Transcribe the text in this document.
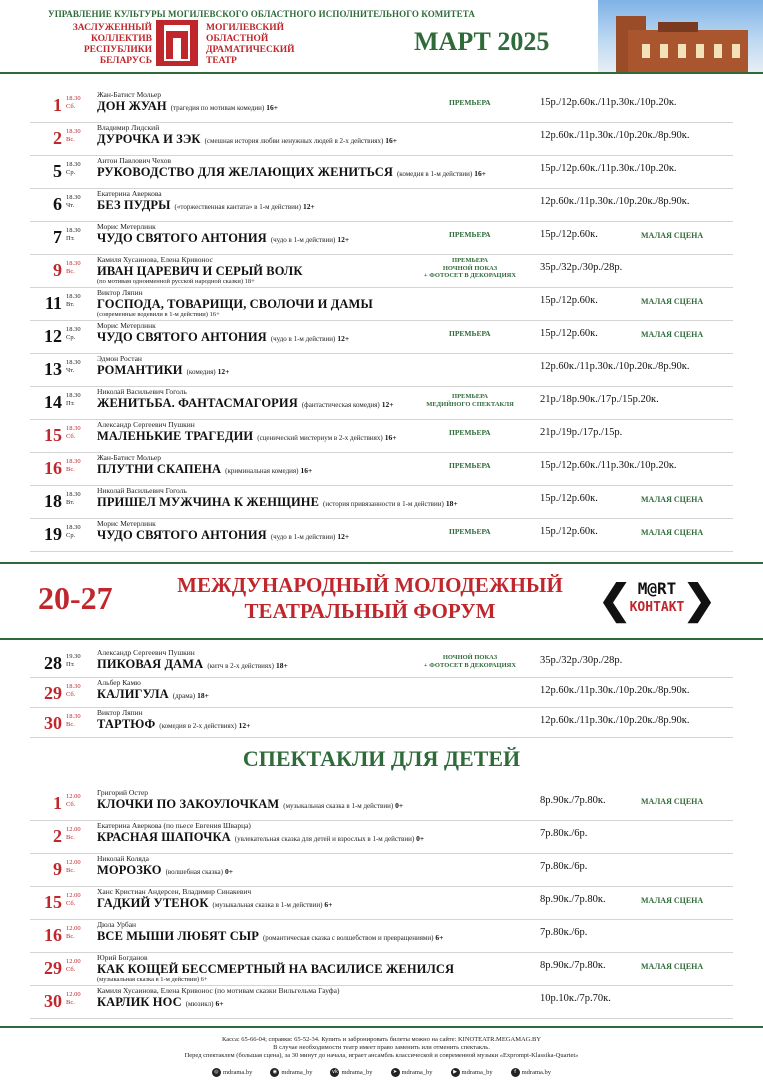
УПРАВЛЕНИЕ КУЛЬТУРЫ МОГИЛЕВСКОГО ОБЛАСТНОГО ИСПОЛНИТЕЛЬНОГО КОМИТЕТА
ЗАСЛУЖЕННЫЙ
КОЛЛЕКТИВ
РЕСПУБЛИКИ
БЕЛАРУСЬ
МОГИЛЕВСКИЙ
ОБЛАСТНОЙ
ДРАМАТИЧЕСКИЙ
ТЕАТР
МАРТ 2025
1 18.30
Сб.
Жан-Батист Мольер
ДОН ЖУАН (трагедия по мотивам комедии) 16+
ПРЕМЬЕРА	15р./12р.60к./11р.30к./10р.20к.
2 18.30
Вс.
Владимир Лидский
ДУРОЧКА И ЗЭК (смешная история любви ненужных людей в 2-х действиях) 16+	12р.60к./11р.30к./10р.20к./8р.90к.
5 18.30
Ср.
Антон Павлович Чехов
РУКОВОДСТВО ДЛЯ ЖЕЛАЮЩИХ ЖЕНИТЬСЯ (комедия в 1-м действии) 16+	15р./12р.60к./11р.30к./10р.20к.
6 18.30
Чт.
Екатерина Аверкова
БЕЗ ПУДРЫ («торжественная кантата» в 1-м действии) 12+	12р.60к./11р.30к./10р.20к./8р.90к.
7 18.30
Пт.
Морис Метерлинк
ЧУДО СВЯТОГО АНТОНИЯ (чудо в 1-м действии) 12+
ПРЕМЬЕРА	15р./12р.60к.	МАЛАЯ СЦЕНА
9 18.30
Вс.
Камиля Хусаинова, Елена Кривонос
ИВАН ЦАРЕВИЧ И СЕРЫЙ ВОЛК
(по мотивам одноименной русской народной сказки) 18+
ПРЕМЬЕРА
НОЧНОЙ ПОКАЗ
+ ФОТОСЕТ В ДЕКОРАЦИЯХ
35р./32р./30р./28р.
11 18.30
Вт.
Виктор Ляпин
ГОСПОДА, ТОВАРИЩИ, СВОЛОЧИ И ДАМЫ
(современные водевили в 1-м действии) 16+
15р./12р.60к.	МАЛАЯ СЦЕНА
12 18.30
Ср.
Морис Метерлинк
ЧУДО СВЯТОГО АНТОНИЯ (чудо в 1-м действии) 12+
ПРЕМЬЕРА	15р./12р.60к.	МАЛАЯ СЦЕНА
13 18.30
Чт.
Эдмон Ростан
РОМАНТИКИ (комедия) 12+	12р.60к./11р.30к./10р.20к./8р.90к.
14 18.30
Пт.
Николай Васильевич Гоголь
ЖЕНИТЬБА. ФАНТАСМАГОРИЯ (фантастическая комедия) 12+
ПРЕМЬЕРА
МЕДИЙНОГО СПЕКТАКЛЯ	21р./18р.90к./17р./15р.20к.
15 18.30
Сб.
Александр Сергеевич Пушкин
МАЛЕНЬКИЕ ТРАГЕДИИ (сценический мистериум в 2-х действиях) 16+
ПРЕМЬЕРА	21р./19р./17р./15р.
16 18.30
Вс.
Жан-Батист Мольер
ПЛУТНИ СКАПЕНА (криминальная комедия) 16+
ПРЕМЬЕРА	15р./12р.60к./11р.30к./10р.20к.
18 18.30
Вт.
Николай Васильевич Гоголь
ПРИШЕЛ МУЖЧИНА К ЖЕНЩИНЕ (история привязанности в 1-м действии) 18+	15р./12р.60к.	МАЛАЯ СЦЕНА
19 18.30
Ср.
Морис Метерлинк
ЧУДО СВЯТОГО АНТОНИЯ (чудо в 1-м действии) 12+
ПРЕМЬЕРА	15р./12р.60к.	МАЛАЯ СЦЕНА
20-27	МЕЖДУНАРОДНЫЙ МОЛОДЕЖНЫЙ
ТЕАТРАЛЬНЫЙ ФОРУМ	❮ ❯
M@RT
КОНТАКТ
28 19.30
Пт.
Александр Сергеевич Пушкин
ПИКОВАЯ ДАМА (китч в 2-х действиях) 18+
НОЧНОЙ ПОКАЗ
+ ФОТОСЕТ В ДЕКОРАЦИЯХ	35р./32р./30р./28р.
29 18.30
Сб.
Альбер Камю
КАЛИГУЛА (драма) 18+	12р.60к./11р.30к./10р.20к./8р.90к.
30 18.30
Вс.
Виктор Ляпин
ТАРТЮФ (комедия в 2-х действиях) 12+	12р.60к./11р.30к./10р.20к./8р.90к.
СПЕКТАКЛИ ДЛЯ ДЕТЕЙ
1 12.00
Сб.
Григорий Остер
КЛОЧКИ ПО ЗАКОУЛОЧКАМ (музыкальная сказка в 1-м действии) 0+	8р.90к./7р.80к.	МАЛАЯ СЦЕНА
2 12.00
Вс.
Екатерина Аверкова (по пьесе Евгения Шварца)
КРАСНАЯ ШАПОЧКА (увлекательная сказка для детей и взрослых в 1-м действии) 0+	7р.80к./6р.
9 12.00
Вс.
Николай Коляда
МОРОЗКО (волшебная сказка) 0+	7р.80к./6р.
15 12.00
Сб.
Ханс Кристиан Андерсен, Владимир Синакевич
ГАДКИЙ УТЕНОК (музыкальная сказка в 1-м действии) 6+	8р.90к./7р.80к.	МАЛАЯ СЦЕНА
16 12.00
Вс.
Дюла Урбан
ВСЕ МЫШИ ЛЮБЯТ СЫР (романтическая сказка с волшебством и превращениями) 6+	7р.80к./6р.
29 12.00
Сб.
Юрий Богданов
КАК КОЩЕЙ БЕССМЕРТНЫЙ НА ВАСИЛИСЕ ЖЕНИЛСЯ
(музыкальная сказка в 1-м действии) 6+
8р.90к./7р.80к.	МАЛАЯ СЦЕНА
30 12.00
Вс.
Камиля Хусаинова, Елена Кривонос (по мотивам сказки Вильгельма Гауфа)
КАРЛИК НОС (мюзикл) 6+	10р.10к./7р.70к.
Касса: 65-66-04; справки: 65-52-34. Купить и забронировать билеты можно на сайте: KINOTEATR.MEGAMAG.BY
В случае необходимости театр имеет право заменить или отменить спектакль.
Перед спектаклем (большая сцена), за 30 минут до начала, играет ансамбль классической и современной музыки «Exprompt-Klassika-Quartet»
◎ mdrama.by	◉ mdrama_by	vk mdrama_by	➤ mdrama_by	▶ mdrama_by	f mdrama.by
